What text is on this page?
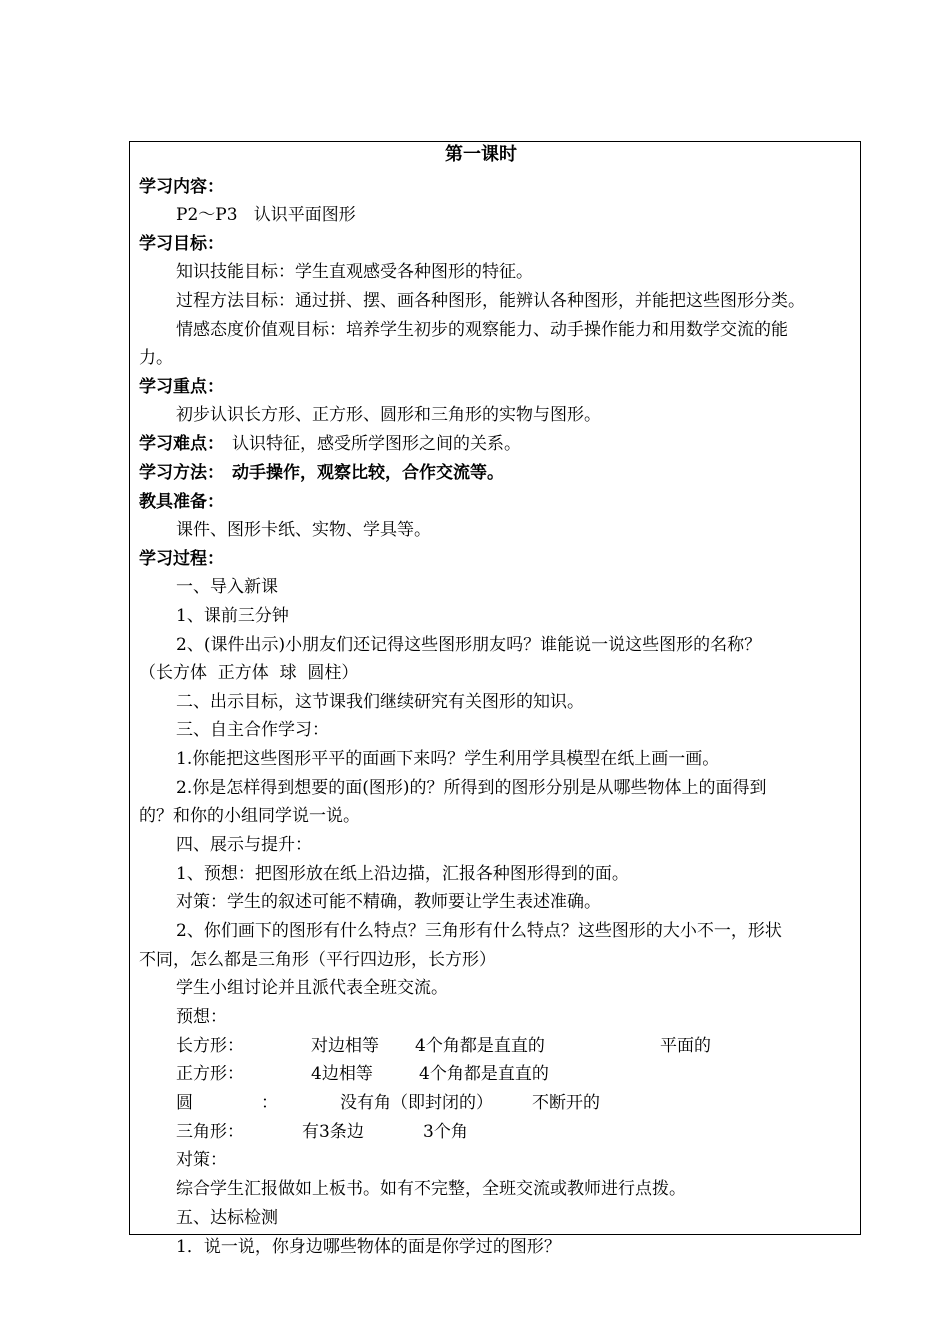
第一课时
学习内容：
P2～P3   认识平面图形
学习目标：
知识技能目标：学生直观感受各种图形的特征。
过程方法目标：通过拼、摆、画各种图形，能辨认各种图形，并能把这些图形分类。
情感态度价值观目标：培养学生初步的观察能力、动手操作能力和用数学交流的能
力。
学习重点：
初步认识长方形、正方形、圆形和三角形的实物与图形。
学习难点： 认识特征，感受所学图形之间的关系。
学习方法： 动手操作，观察比较，合作交流等。
教具准备：
课件、图形卡纸、实物、学具等。
学习过程：
一、导入新课
1、课前三分钟
2、(课件出示)小朋友们还记得这些图形朋友吗？谁能说一说这些图形的名称？
（长方体  正方体  球  圆柱）
二、出示目标，这节课我们继续研究有关图形的知识。
三、自主合作学习：
1.你能把这些图形平平的面画下来吗？学生利用学具模型在纸上画一画。
2.你是怎样得到想要的面(图形)的？所得到的图形分别是从哪些物体上的面得到
的？和你的小组同学说一说。
四、展示与提升：
1、预想：把图形放在纸上沿边描，汇报各种图形得到的面。
对策：学生的叙述可能不精确，教师要让学生表述准确。
2、你们画下的图形有什么特点？三角形有什么特点？这些图形的大小不一，形状
不同，怎么都是三角形（平行四边形，长方形）
学生小组讨论并且派代表全班交流。
预想：
长方形：	对边相等 4个角都是直直的	平面的
正方形：	4边相等	4个角都是直直的
圆	：	没有角（即封闭的） 不断开的
三角形：	有3条边	3个角
对策：
综合学生汇报做如上板书。如有不完整，全班交流或教师进行点拨。
五、达标检测
1．说一说，你身边哪些物体的面是你学过的图形？
